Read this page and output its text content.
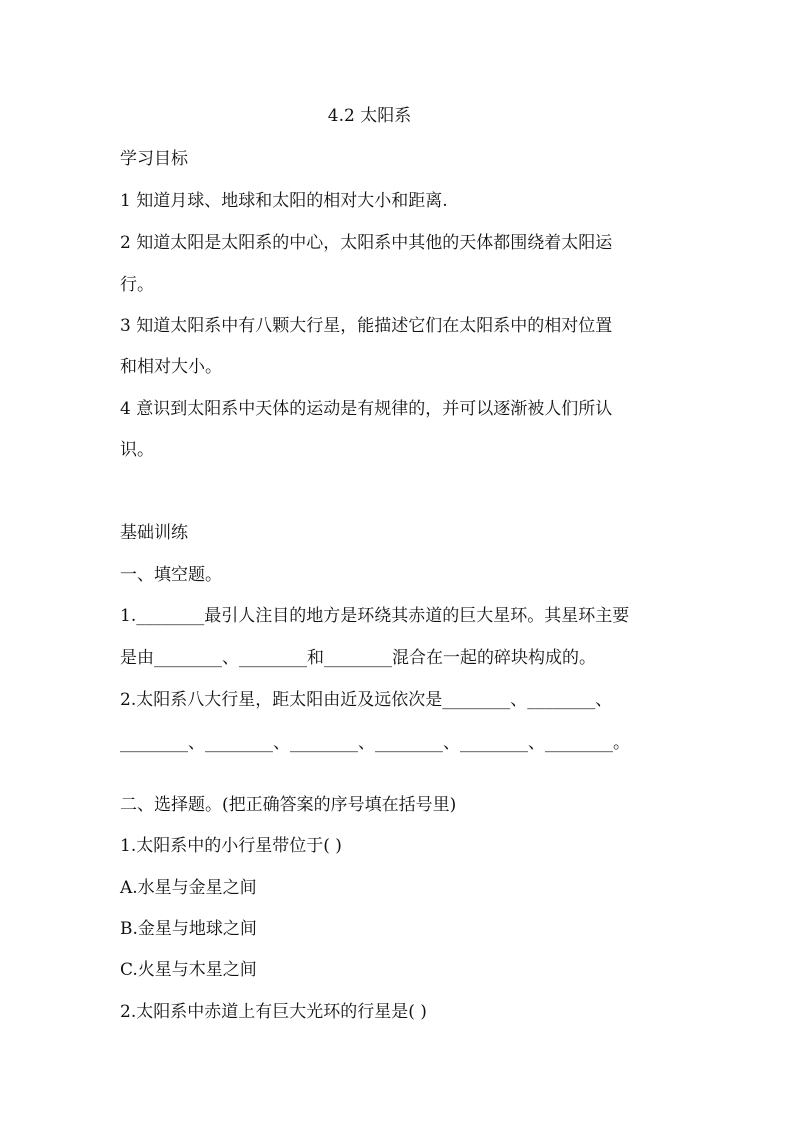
4.2 太阳系
学习目标
1 知道月球、地球和太阳的相对大小和距离.
2 知道太阳是太阳系的中心，太阳系中其他的天体都围绕着太阳运
行。
3 知道太阳系中有八颗大行星，能描述它们在太阳系中的相对位置
和相对大小。
4 意识到太阳系中天体的运动是有规律的，并可以逐渐被人们所认
识。
基础训练
一、填空题。
1.________最引人注目的地方是环绕其赤道的巨大星环。其星环主要
是由________、________和________混合在一起的碎块构成的。
2.太阳系八大行星，距太阳由近及远依次是________、________、
________、________、________、________、________、________。
二、选择题。(把正确答案的序号填在括号里)
1.太阳系中的小行星带位于( )
A.水星与金星之间
B.金星与地球之间
C.火星与木星之间
2.太阳系中赤道上有巨大光环的行星是( )
